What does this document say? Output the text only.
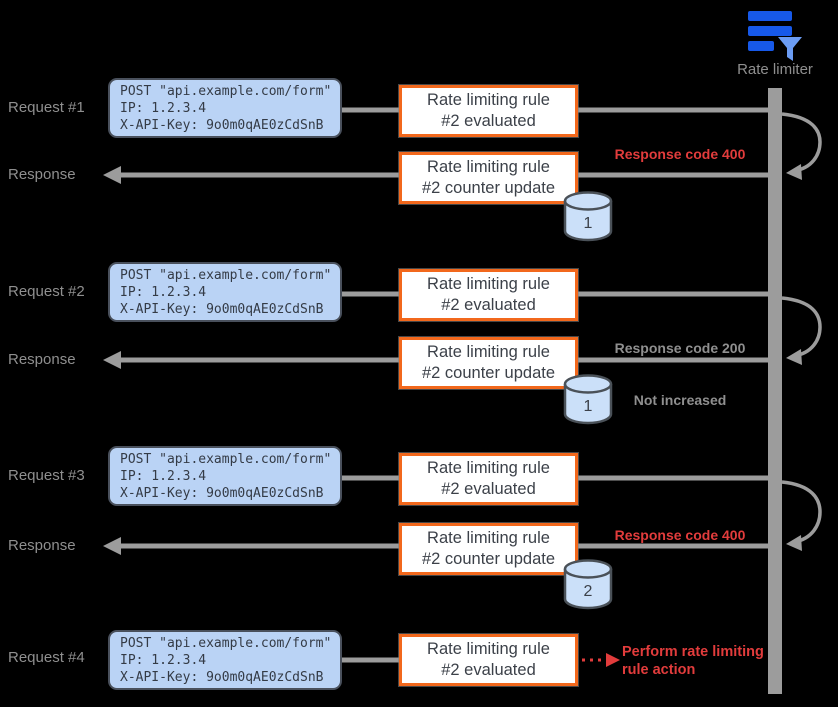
Rate limiter
Request #1
POST "api.example.com/form"
IP: 1.2.3.4
X-API-Key: 9o0m0qAE0zCdSnB
Rate limiting rule #2 evaluated
Response	Rate limiting rule #2 counter update
Response code 400
1
Request #2
POST "api.example.com/form"
IP: 1.2.3.4
X-API-Key: 9o0m0qAE0zCdSnB
Rate limiting rule #2 evaluated
Response	Rate limiting rule #2 counter update
Response code 200
1	Not increased
Request #3
POST "api.example.com/form"
IP: 1.2.3.4
X-API-Key: 9o0m0qAE0zCdSnB
Rate limiting rule #2 evaluated
Response	Rate limiting rule #2 counter update
Response code 400
2
Request #4
POST "api.example.com/form"
IP: 1.2.3.4
X-API-Key: 9o0m0qAE0zCdSnB
Rate limiting rule #2 evaluated
Perform rate limiting rule action
